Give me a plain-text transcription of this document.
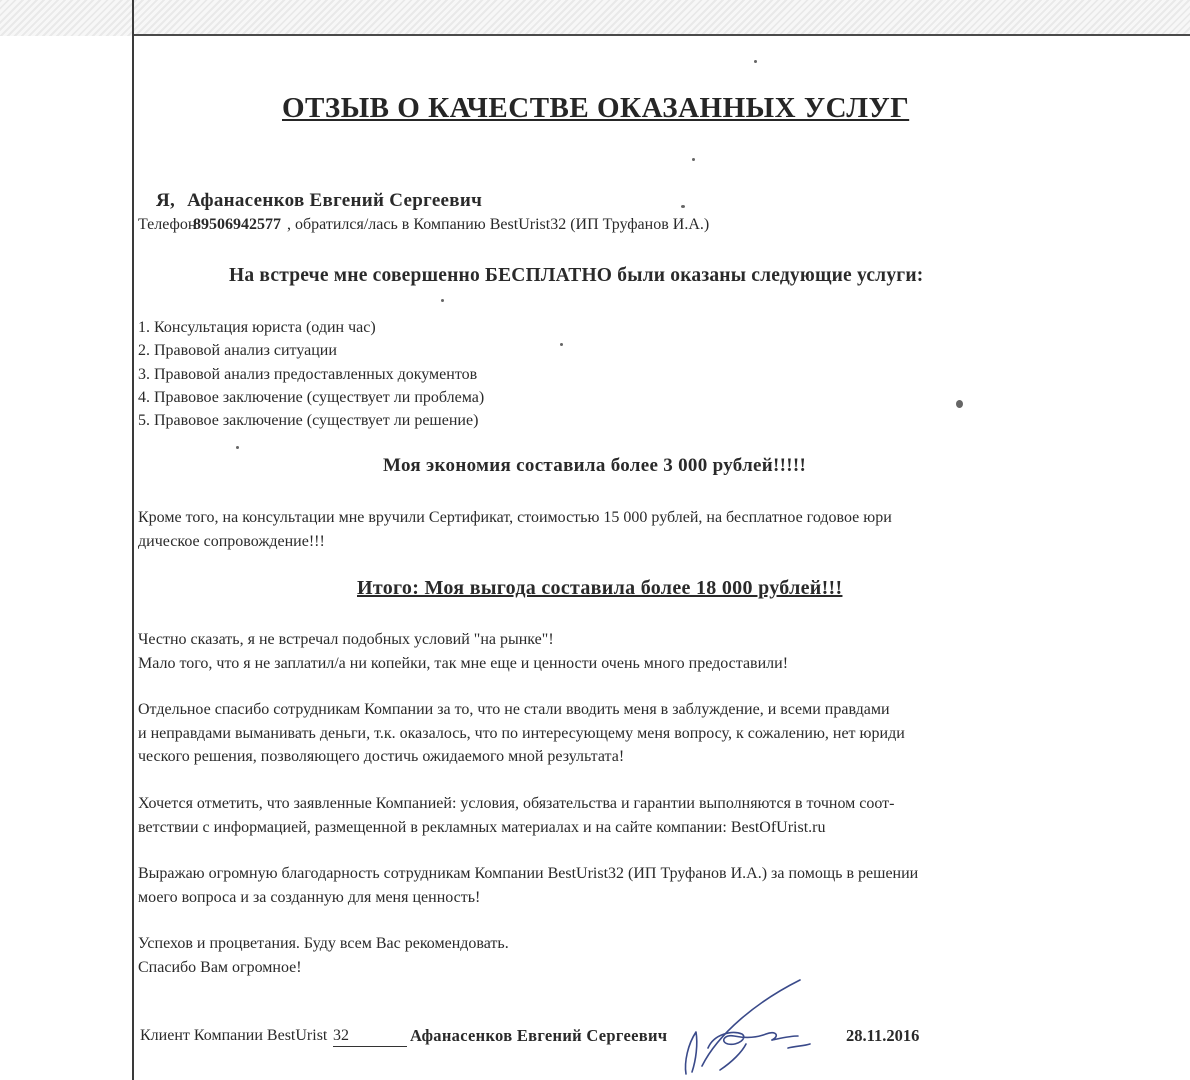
ОТЗЫВ О КАЧЕСТВЕ ОКАЗАННЫХ УСЛУГ
Я, Афанасенков Евгений Сергеевич
Телефон89506942577 , обратился/лась в Компанию BestUrist32 (ИП Труфанов И.А.)
На встрече мне совершенно БЕСПЛАТНО были оказаны следующие услуги:
1. Консультация юриста (один час)
2. Правовой анализ ситуации
3. Правовой анализ предоставленных документов
4. Правовое заключение (существует ли проблема)
5. Правовое заключение (существует ли решение)
Моя экономия составила более 3 000 рублей!!!!!
Кроме того, на консультации мне вручили Сертификат, стоимостью 15 000 рублей, на бесплатное годовое юри
дическое сопровождение!!!
Итого: Моя выгода составила более 18 000 рублей!!!
Честно сказать, я не встречал подобных условий "на рынке"!
Мало того, что я не заплатил/а ни копейки, так мне еще и ценности очень много предоставили!
Отдельное спасибо сотрудникам Компании за то, что не стали вводить меня в заблуждение, и всеми правдами
и неправдами выманивать деньги, т.к. оказалось, что по интересующему меня вопросу, к сожалению, нет юриди
ческого решения, позволяющего достичь ожидаемого мной результата!
Хочется отметить, что заявленные Компанией: условия, обязательства и гарантии выполняются в точном соот-
ветствии с информацией, размещенной в рекламных материалах и на сайте компании: BestOfUrist.ru
Выражаю огромную благодарность сотрудникам Компании BestUrist32 (ИП Труфанов И.А.) за помощь в решении
моего вопроса и за созданную для меня ценность!
Успехов и процветания. Буду всем Вас рекомендовать.
Спасибо Вам огромное!
Клиент Компании BestUrist 32	Афанасенков Евгений Сергеевич	28.11.2016
